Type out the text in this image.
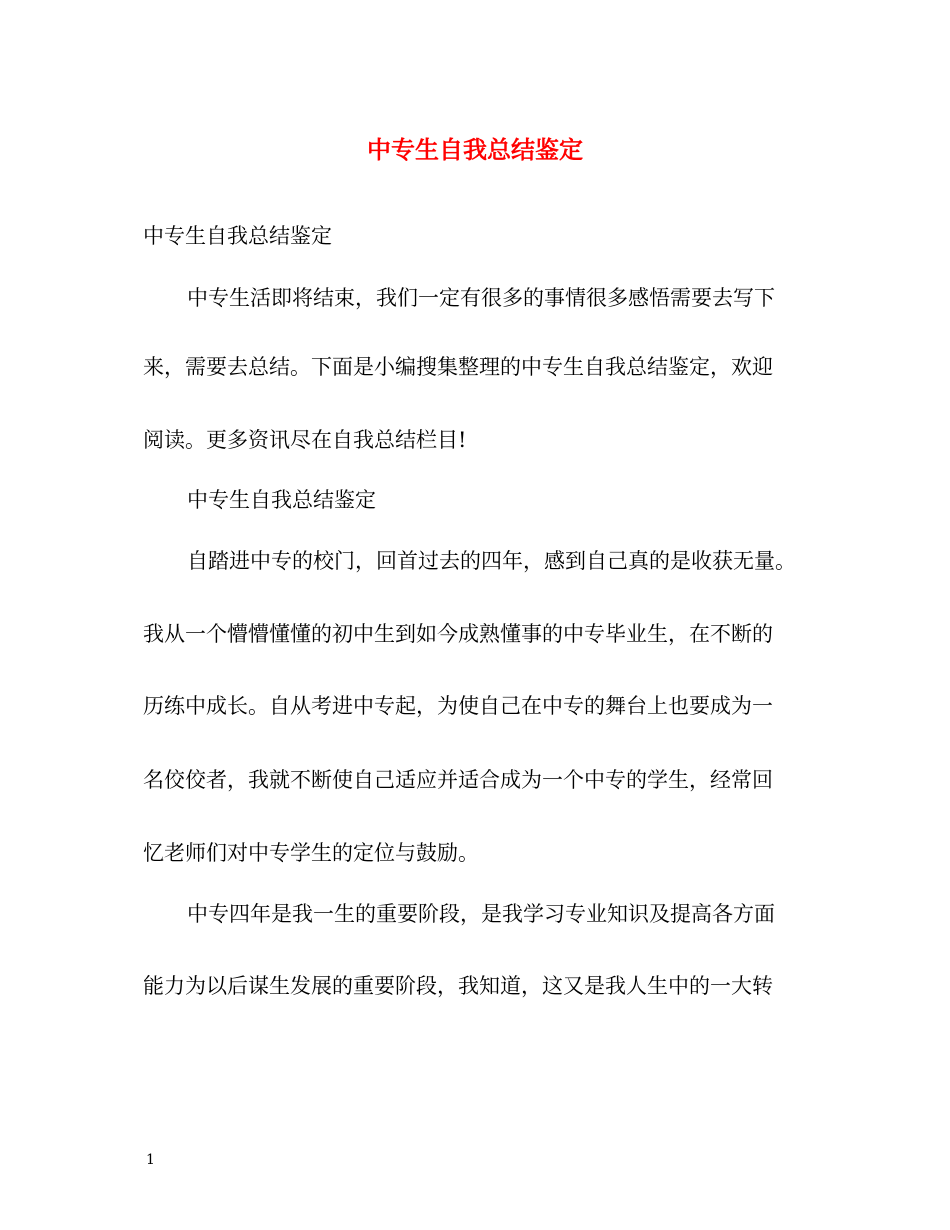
中专生自我总结鉴定

中专生自我总结鉴定

中专生活即将结束，我们一定有很多的事情很多感悟需要去写下

来，需要去总结。下面是小编搜集整理的中专生自我总结鉴定，欢迎

阅读。更多资讯尽在自我总结栏目!

中专生自我总结鉴定

自踏进中专的校门，回首过去的四年，感到自己真的是收获无量。

我从一个懵懵懂懂的初中生到如今成熟懂事的中专毕业生，在不断的

历练中成长。自从考进中专起，为使自己在中专的舞台上也要成为一

名佼佼者，我就不断使自己适应并适合成为一个中专的学生，经常回

忆老师们对中专学生的定位与鼓励。

中专四年是我一生的重要阶段，是我学习专业知识及提高各方面

能力为以后谋生发展的重要阶段，我知道，这又是我人生中的一大转

1
